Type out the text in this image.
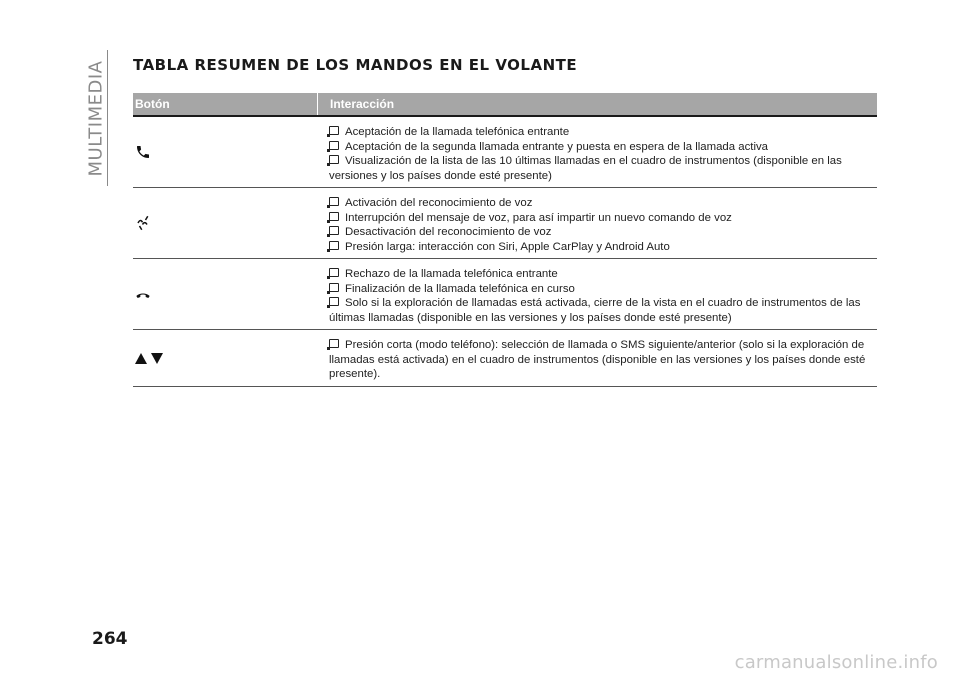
MULTIMEDIA TABLA RESUMEN DE LOS MANDOS EN EL VOLANTE
Botón	Interacción
Aceptación de la llamada telefónica entrante
Aceptación de la segunda llamada entrante y puesta en espera de la llamada activa
Visualización de la lista de las 10 últimas llamadas en el cuadro de instrumentos (disponible en las versiones y los países donde esté presente)
Activación del reconocimiento de voz
Interrupción del mensaje de voz, para así impartir un nuevo comando de voz
Desactivación del reconocimiento de voz
Presión larga: interacción con Siri, Apple CarPlay y Android Auto
Rechazo de la llamada telefónica entrante
Finalización de la llamada telefónica en curso
Solo si la exploración de llamadas está activada, cierre de la vista en el cuadro de instrumentos de las últimas llamadas (disponible en las versiones y los países donde esté presente)
Presión corta (modo teléfono): selección de llamada o SMS siguiente/anterior (solo si la exploración de llamadas está activada) en el cuadro de instrumentos (disponible en las versiones y los países donde esté presente).
264
carmanualsonline.info
